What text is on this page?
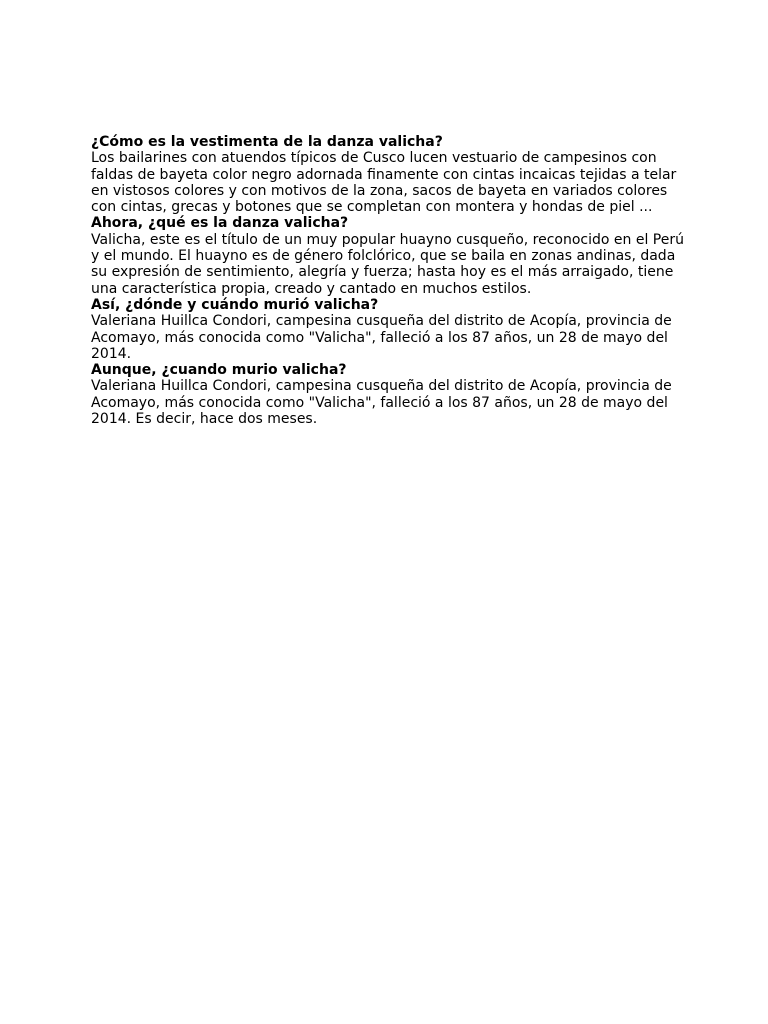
¿Cómo es la vestimenta de la danza valicha?

Los bailarines con atuendos típicos de Cusco lucen vestuario de campesinos con faldas de bayeta color negro adornada finamente con cintas incaicas tejidas a telar en vistosos colores y con motivos de la zona, sacos de bayeta en variados colores con cintas, grecas y botones que se completan con montera y hondas de piel ...

Ahora, ¿qué es la danza valicha?

Valicha, este es el título de un muy popular huayno cusqueño, reconocido en el Perú y el mundo. El huayno es de género folclórico, que se baila en zonas andinas, dada su expresión de sentimiento, alegría y fuerza; hasta hoy es el más arraigado, tiene una característica propia, creado y cantado en muchos estilos.

Así, ¿dónde y cuándo murió valicha?

Valeriana Huillca Condori, campesina cusqueña del distrito de Acopía, provincia de Acomayo, más conocida como "Valicha", falleció a los 87 años, un 28 de mayo del 2014.

Aunque, ¿cuando murio valicha?

Valeriana Huillca Condori, campesina cusqueña del distrito de Acopía, provincia de Acomayo, más conocida como "Valicha", falleció a los 87 años, un 28 de mayo del 2014. Es decir, hace dos meses.
